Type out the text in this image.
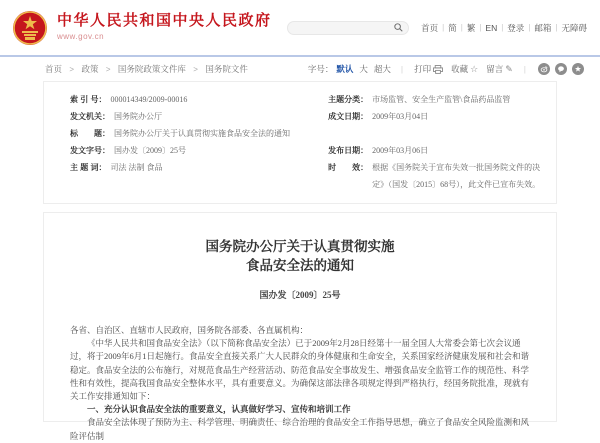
中华人民共和国中央人民政府
www.gov.cn
首页 | 简 | 繁 | EN | 登录 | 邮箱 | 无障碍
首页 > 政策 > 国务院政策文件库 > 国务院文件	字号： 默认 大 超大 | 打印 收藏 ☆ 留言 ✎ |
索 引 号： 000014349/2009-00016	主题分类： 市场监管、安全生产监管\食品药品监管
发文机关： 国务院办公厅	成文日期： 2009年03月04日
标　　题： 国务院办公厅关于认真贯彻实施食品安全法的通知
发文字号： 国办发〔2009〕25号	发布日期： 2009年03月06日
主 题 词： 司法 法制 食品	时　　效： 根据《国务院关于宣布失效一批国务院文件的决定》（国发〔2015〕68号），此文件已宣布失效。
国务院办公厅关于认真贯彻实施食品安全法的通知
国办发〔2009〕25号

各省、自治区、直辖市人民政府，国务院各部委、各直属机构：

《中华人民共和国食品安全法》（以下简称食品安全法）已于2009年2月28日经第十一届全国人大常委会第七次会议通过，将于2009年6月1日起施行。食品安全直接关系广大人民群众的身体健康和生命安全，关系国家经济健康发展和社会和谐稳定。食品安全法的公布施行，对规范食品生产经营活动、防范食品安全事故发生、增强食品安全监管工作的规范性、科学性和有效性，提高我国食品安全整体水平，具有重要意义。为确保这部法律各项规定得到严格执行，经国务院批准，现就有关工作安排通知如下：

一、充分认识食品安全法的重要意义，认真做好学习、宣传和培训工作

食品安全法体现了预防为主、科学管理、明确责任、综合治理的食品安全工作指导思想，确立了食品安全风险监测和风险评估制
